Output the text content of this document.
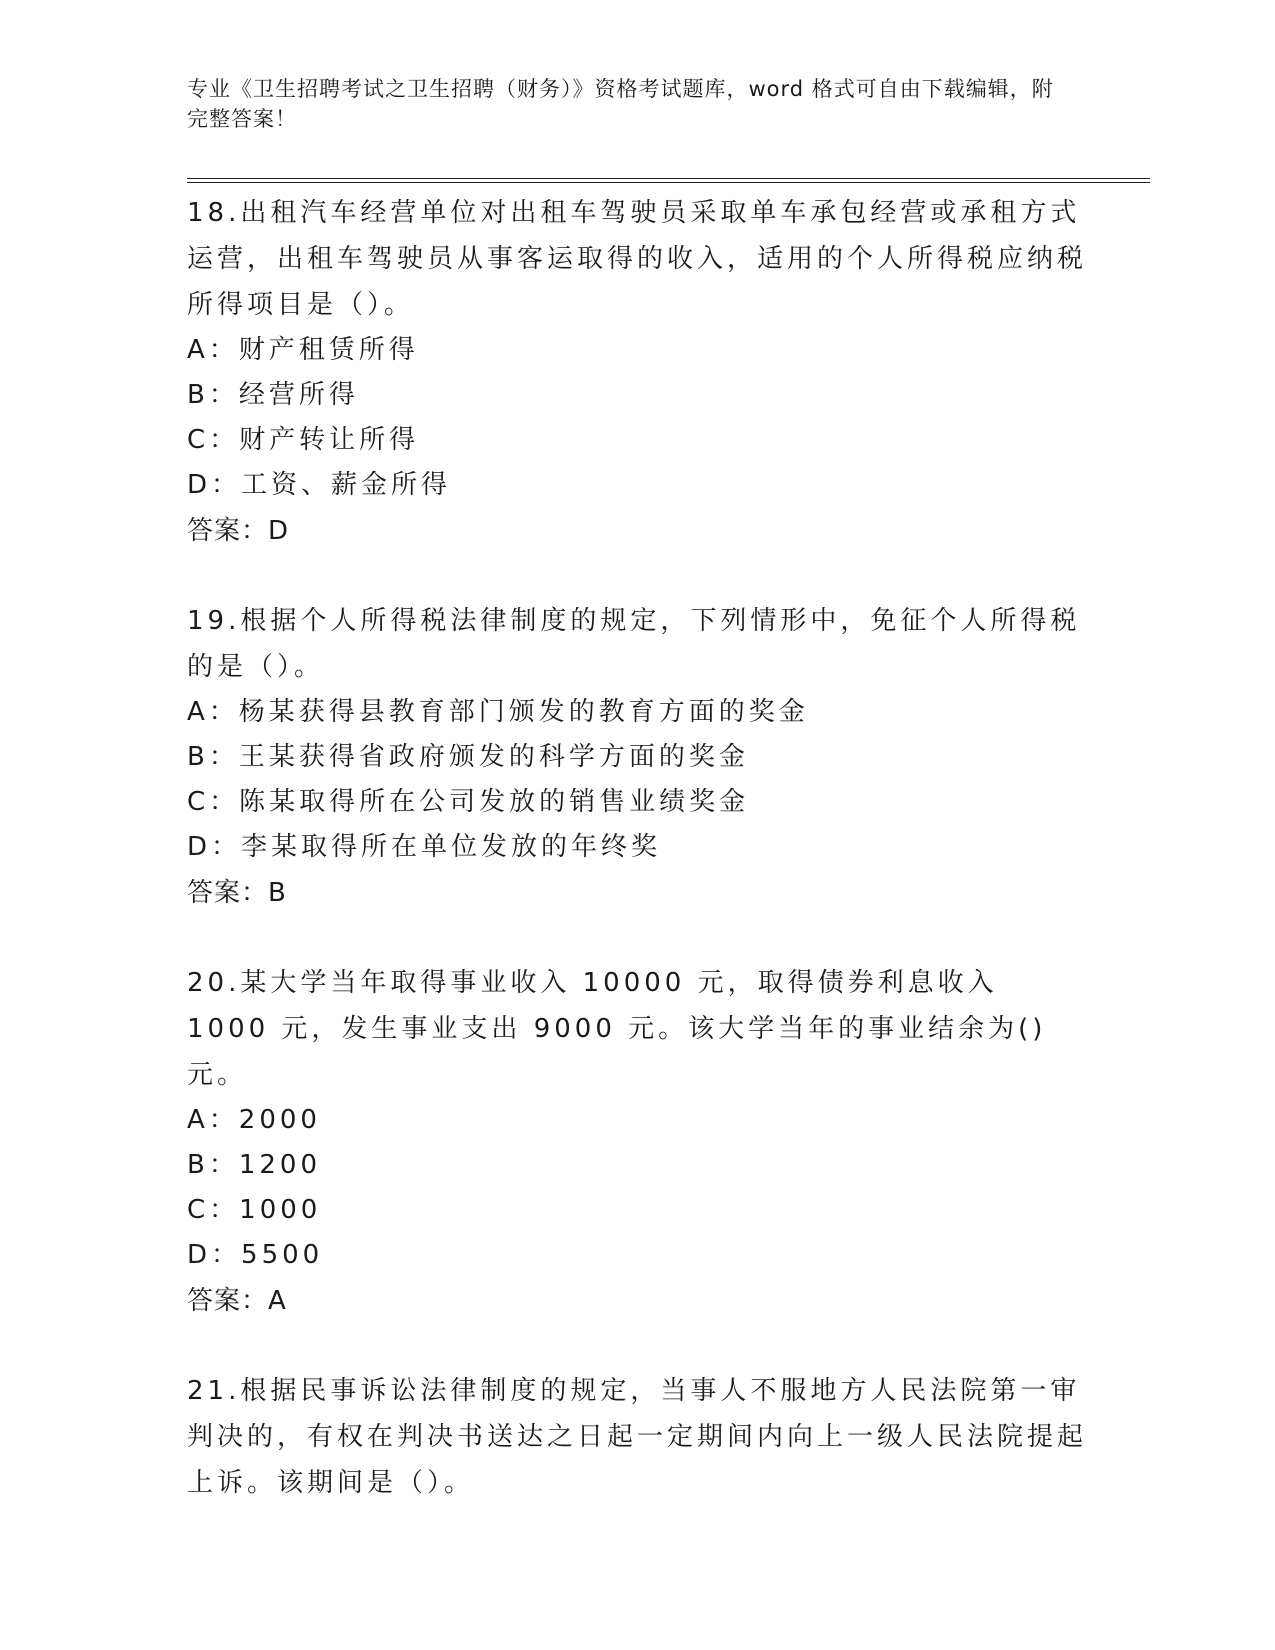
专业《卫生招聘考试之卫生招聘（财务）》资格考试题库，word 格式可自由下载编辑，附完整答案！

18.出租汽车经营单位对出租车驾驶员采取单车承包经营或承租方式运营，出租车驾驶员从事客运取得的收入，适用的个人所得税应纳税所得项目是（）。

A：财产租赁所得

B：经营所得

C：财产转让所得

D：工资、薪金所得

答案：D

19.根据个人所得税法律制度的规定，下列情形中，免征个人所得税的是（）。

A：杨某获得县教育部门颁发的教育方面的奖金

B：王某获得省政府颁发的科学方面的奖金

C：陈某取得所在公司发放的销售业绩奖金

D：李某取得所在单位发放的年终奖

答案：B

20.某大学当年取得事业收入 10000 元，取得债券利息收入 1000 元，发生事业支出 9000 元。该大学当年的事业结余为()元。

A：2000

B：1200

C：1000

D：5500

答案：A

21.根据民事诉讼法律制度的规定，当事人不服地方人民法院第一审判决的，有权在判决书送达之日起一定期间内向上一级人民法院提起上诉。该期间是（）。
